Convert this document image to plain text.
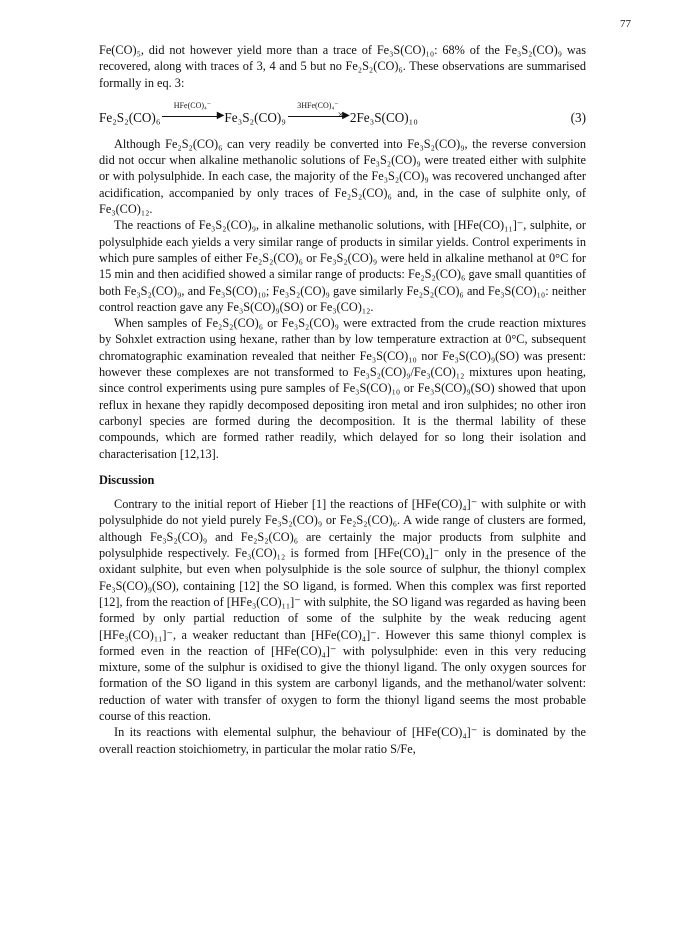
77

Fe(CO)₅, did not however yield more than a trace of Fe₃S(CO)₁₀: 68% of the Fe₃S₂(CO)₉ was recovered, along with traces of 3, 4 and 5 but no Fe₂S₂(CO)₆. These observations are summarised formally in eq. 3:

Fe₂S₂(CO)₆
HFe(CO)₄⁻
▶ Fe₃S₂(CO)₉
3HFe(CO)₄⁻
×
▶ 2Fe₃S(CO)₁₀	(3)

Although Fe₂S₂(CO)₆ can very readily be converted into Fe₃S₂(CO)₉, the reverse conversion did not occur when alkaline methanolic solutions of Fe₃S₂(CO)₉ were treated either with sulphite or with polysulphide. In each case, the majority of the Fe₃S₂(CO)₉ was recovered unchanged after acidification, accompanied by only traces of Fe₂S₂(CO)₆ and, in the case of sulphite only, of Fe₃(CO)₁₂.

The reactions of Fe₃S₂(CO)₉, in alkaline methanolic solutions, with [HFe(CO)₁₁]⁻, sulphite, or polysulphide each yields a very similar range of products in similar yields. Control experiments in which pure samples of either Fe₂S₂(CO)₆ or Fe₃S₂(CO)₉ were held in alkaline methanol at 0°C for 15 min and then acidified showed a similar range of products: Fe₂S₂(CO)₆ gave small quantities of both Fe₃S₂(CO)₉, and Fe₃S(CO)₁₀; Fe₃S₂(CO)₉ gave similarly Fe₂S₂(CO)₆ and Fe₃S(CO)₁₀: neither control reaction gave any Fe₃S(CO)₉(SO) or Fe₃(CO)₁₂.

When samples of Fe₂S₂(CO)₆ or Fe₃S₂(CO)₉ were extracted from the crude reaction mixtures by Sohxlet extraction using hexane, rather than by low temperature extraction at 0°C, subsequent chromatographic examination revealed that neither Fe₃S(CO)₁₀ nor Fe₃S(CO)₉(SO) was present: however these complexes are not transformed to Fe₃S₂(CO)₉/Fe₃(CO)₁₂ mixtures upon heating, since control experiments using pure samples of Fe₃S(CO)₁₀ or Fe₃S(CO)₉(SO) showed that upon reflux in hexane they rapidly decomposed depositing iron metal and iron sulphides; no other iron carbonyl species are formed during the decomposition. It is the thermal lability of these compounds, which are formed rather readily, which delayed for so long their isolation and characterisation [12,13].

Discussion

Contrary to the initial report of Hieber [1] the reactions of [HFe(CO)₄]⁻ with sulphite or with polysulphide do not yield purely Fe₃S₂(CO)₉ or Fe₂S₂(CO)₆. A wide range of clusters are formed, although Fe₃S₂(CO)₉ and Fe₂S₂(CO)₆ are certainly the major products from sulphite and polysulphide respectively. Fe₃(CO)₁₂ is formed from [HFe(CO)₄]⁻ only in the presence of the oxidant sulphite, but even when polysulphide is the sole source of sulphur, the thionyl complex Fe₃S(CO)₉(SO), containing [12] the SO ligand, is formed. When this complex was first reported [12], from the reaction of [HFe₃(CO)₁₁]⁻ with sulphite, the SO ligand was regarded as having been formed by only partial reduction of some of the sulphite by the weak reducing agent [HFe₃(CO)₁₁]⁻, a weaker reductant than [HFe(CO)₄]⁻. However this same thionyl complex is formed even in the reaction of [HFe(CO)₄]⁻ with polysulphide: even in this very reducing mixture, some of the sulphur is oxidised to give the thionyl ligand. The only oxygen sources for formation of the SO ligand in this system are carbonyl ligands, and the methanol/water solvent: reduction of water with transfer of oxygen to form the thionyl ligand seems the most probable course of this reaction.

In its reactions with elemental sulphur, the behaviour of [HFe(CO)₄]⁻ is dominated by the overall reaction stoichiometry, in particular the molar ratio S/Fe,
